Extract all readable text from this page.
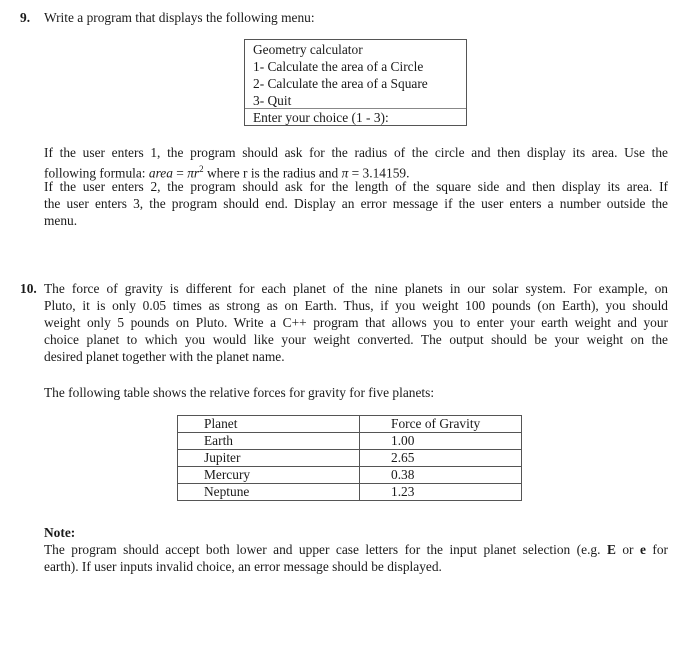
9. Write a program that displays the following menu:
Geometry calculator
1- Calculate the area of a Circle
2- Calculate the area of a Square
3- Quit
Enter your choice (1 - 3):
If the user enters 1, the program should ask for the radius of the circle and then display its area. Use the
following formula: area = $\pi r^2$ where r is the radius and π = 3.14159.
If the user enters 2, the program should ask for the length of the square side and then display its area. If
the user enters 3, the program should end. Display an error message if the user enters a number outside the
menu.
10. The force of gravity is different for each planet of the nine planets in our solar system. For example, on
Pluto, it is only 0.05 times as strong as on Earth. Thus, if you weight 100 pounds (on Earth), you should
weight only 5 pounds on Pluto. Write a C++ program that allows you to enter your earth weight and your
choice planet to which you would like your weight converted. The output should be your weight on the
desired planet together with the planet name.
The following table shows the relative forces for gravity for five planets:
Planet	Force of Gravity
Earth	1.00
Jupiter	2.65
Mercury	0.38
Neptune	1.23
Note:
The program should accept both lower and upper case letters for the input planet selection (e.g. E or e for
earth). If user inputs invalid choice, an error message should be displayed.
